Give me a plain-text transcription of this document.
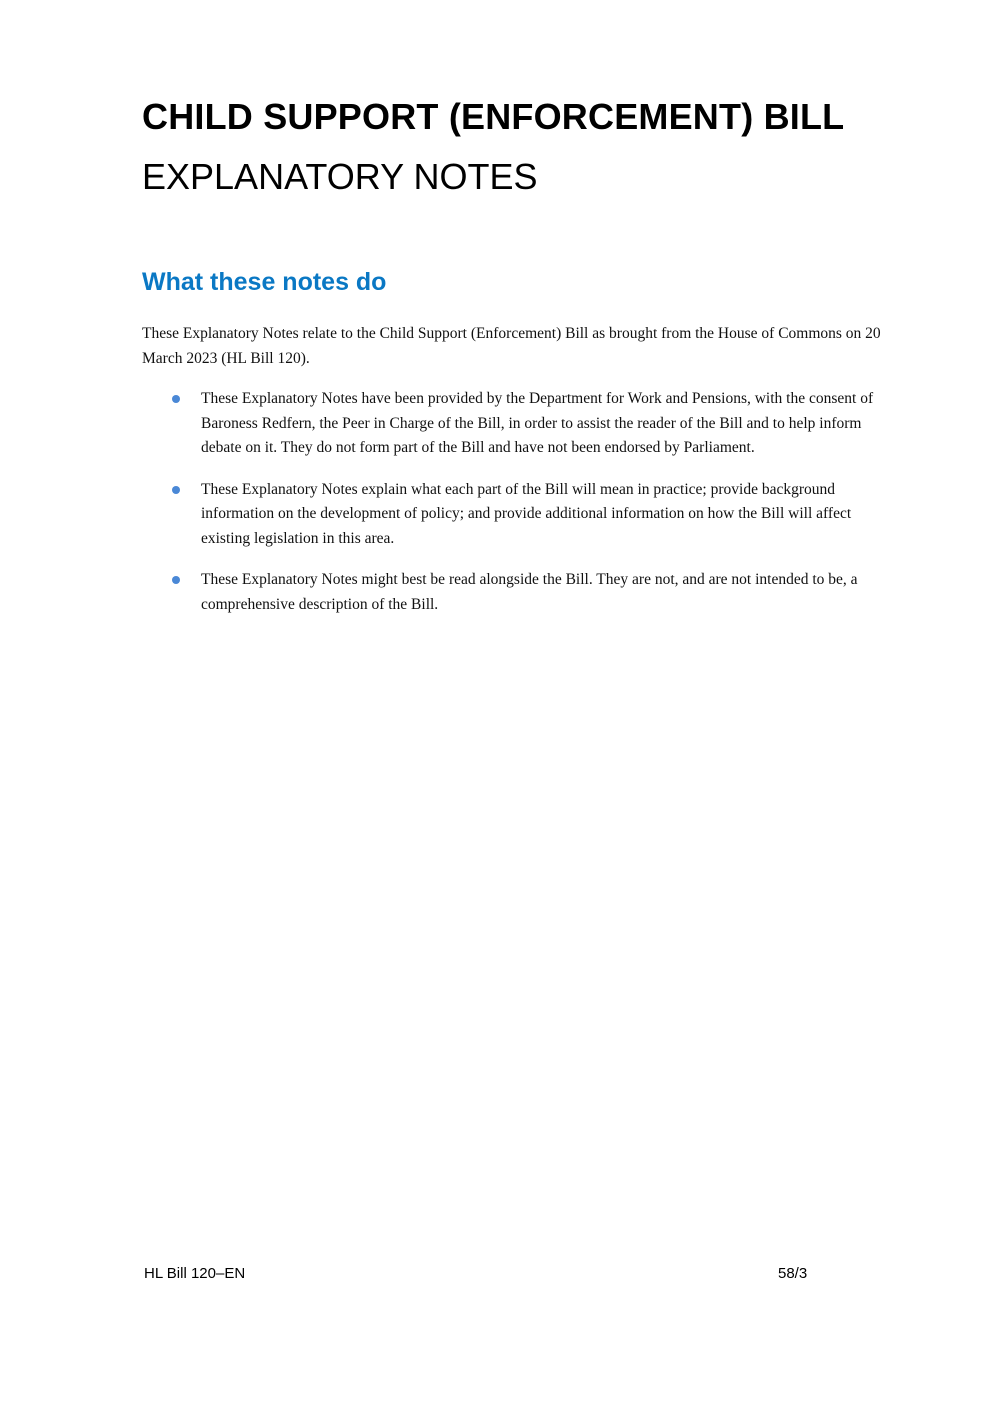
CHILD SUPPORT (ENFORCEMENT) BILL
EXPLANATORY NOTES
What these notes do

These Explanatory Notes relate to the Child Support (Enforcement) Bill as brought from the House of Commons on 20 March 2023 (HL Bill 120).

These Explanatory Notes have been provided by the Department for Work and Pensions, with the consent of Baroness Redfern, the Peer in Charge of the Bill, in order to assist the reader of the Bill and to help inform debate on it. They do not form part of the Bill and have not been endorsed by Parliament.
These Explanatory Notes explain what each part of the Bill will mean in practice; provide background information on the development of policy; and provide additional information on how the Bill will affect existing legislation in this area.
These Explanatory Notes might best be read alongside the Bill. They are not, and are not intended to be, a comprehensive description of the Bill.
HL Bill 120–EN	58/3
